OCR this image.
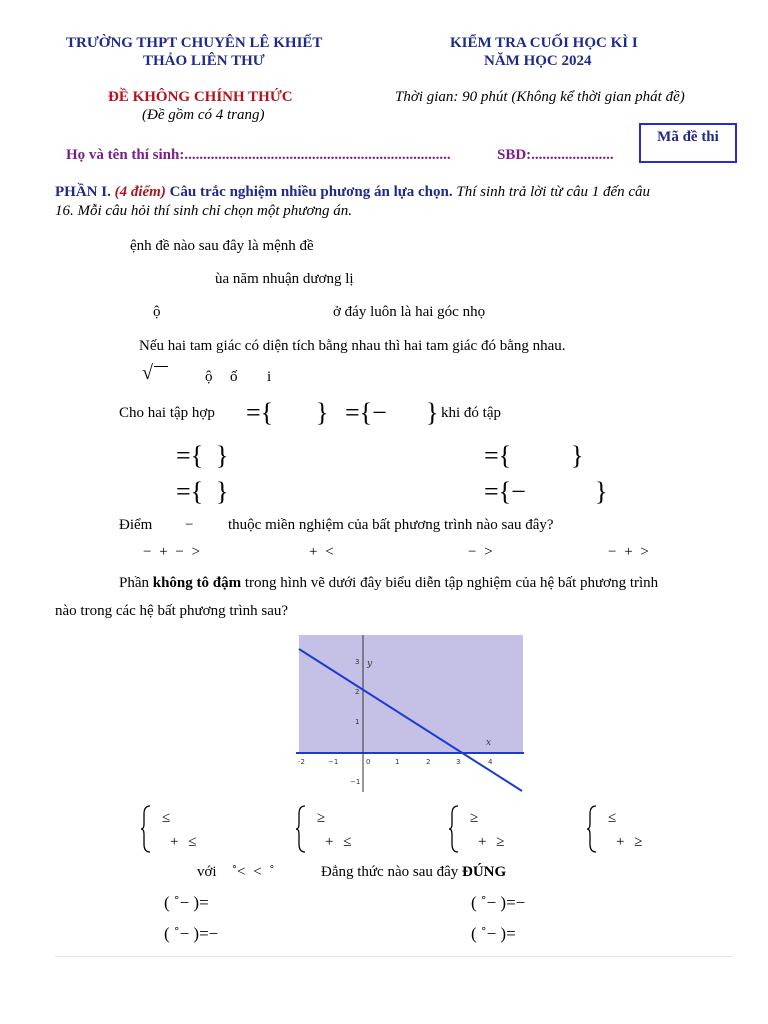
TRƯỜNG THPT CHUYÊN LÊ KHIẾT
THẢO LIÊN THƯ
KIỂM TRA CUỐI HỌC KÌ I
NĂM HỌC 2024
ĐỀ KHÔNG CHÍNH THỨC
(Đề gồm có 4 trang)
Thời gian: 90 phút (Không kể thời gian phát đề)
Mã đề thi
Họ và tên thí sinh:.......................................................................	SBD:......................
PHẦN I. (4 điểm) Câu trắc nghiệm nhiều phương án lựa chọn. Thí sinh trả lời từ câu 1 đến câu
16. Mỗi câu hỏi thí sinh chỉ chọn một phương án.
ệnh đề nào sau đây là mệnh đề
ùa năm nhuận dương lị
ộ	ở đáy luôn là hai góc nhọ
Nếu hai tam giác có diện tích bằng nhau thì hai tam giác đó bằng nhau.
√	ộ ố i
Cho hai tập hợp ={ } ={− } khi đó tập
={ }	={ }
={ }	={−	}
Điểm − thuộc miền nghiệm của bất phương trình nào sau đây?
− + − >	+ <	− >	− + >
Phần không tô đậm trong hình vẽ dưới đây biểu diễn tập nghiệm của hệ bất phương trình
nào trong các hệ bất phương trình sau?
-2	−1	0	1	2	3	4
3
2
1
−1
x
y
≤
+ ≤
≥
+ ≤
≥
+ ≥
≤
+ ≥
với ˚< < ˚	Đẳng thức nào sau đây ĐÚNG
( ˚− )=	( ˚− )=−
( ˚− )=−	( ˚− )=
